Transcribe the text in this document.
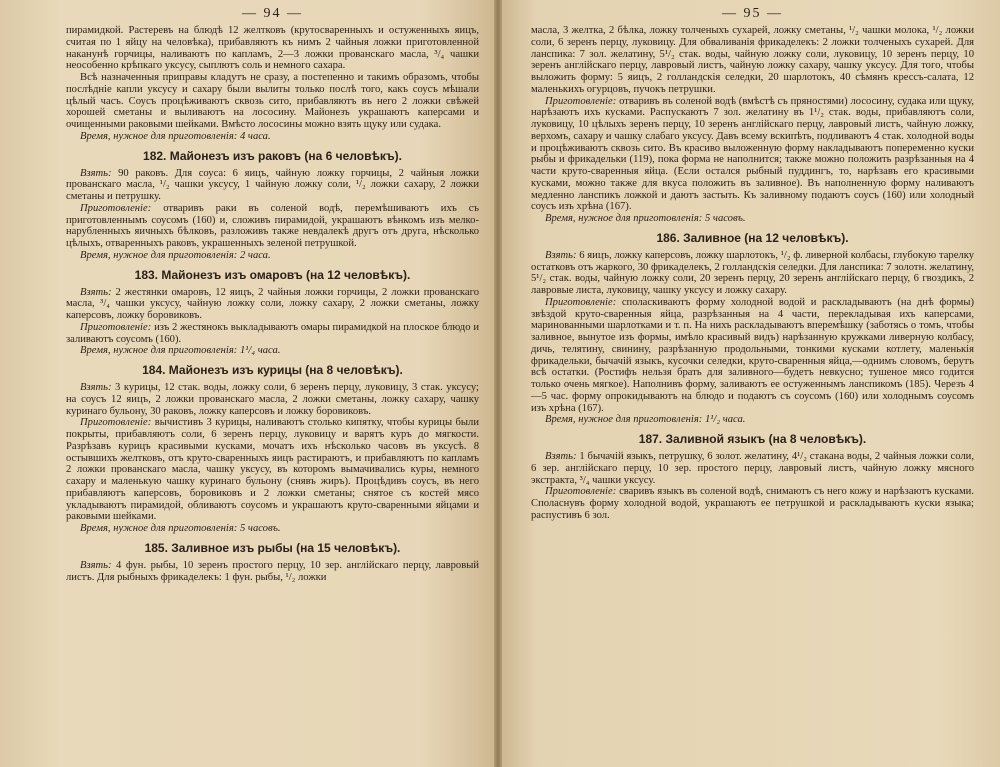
— 94 —

пирамидкой. Растеревъ на блюдѣ 12 желтковъ (крутосваренныхъ и остуженныхъ яицъ, считая по 1 яйцу на человѣка), прибавляютъ къ нимъ 2 чайныя ложки приготовленной наканунѣ горчицы, наливаютъ по капламъ, 2—3 ложки прованскаго масла, ³/₄ чашки неособенно крѣпкаго уксусу, сыплютъ соль и немного сахара.

Всѣ назначенныя приправы кладутъ не сразу, а постепенно и такимъ образомъ, чтобы послѣдніе капли уксусу и сахару были вылиты только послѣ того, какъ соусъ мѣшали цѣлый часъ. Соусъ процѣживаютъ сквозь сито, прибавляютъ въ него 2 ложки свѣжей хорошей сметаны и выливаютъ на лососину. Майонезъ украшаютъ каперсами и очищенными раковыми шейками. Вмѣсто лососины можно взять щуку или судака.

Время, нужное для приготовленія: 4 часа.

182. Майонезъ изъ раковъ (на 6 человѣкъ).

Взять: 90 раковъ. Для соуса: 6 яицъ, чайную ложку горчицы, 2 чайныя ложки прованскаго масла, ¹/₂ чашки уксусу, 1 чайную ложку соли, ¹/₂ ложки сахару, 2 ложки сметаны и петрушку.

Приготовленіе: отваривъ раки въ соленой водѣ, перемѣшиваютъ ихъ съ приготовленнымъ соусомъ (160) и, сложивъ пирамидой, украшаютъ вѣнкомъ изъ мелко-нарубленныхъ яичныхъ бѣлковъ, разложивъ также невдалекѣ другъ отъ друга, нѣсколько цѣлыхъ, отваренныхъ раковъ, украшенныхъ зеленой петрушкой.

Время, нужное для приготовленія: 2 часа.

183. Майонезъ изъ омаровъ (на 12 человѣкъ).

Взять: 2 жестянки омаровъ, 12 яицъ, 2 чайныя ложки горчицы, 2 ложки прованскаго масла, ³/₄ чашки уксусу, чайную ложку соли, ложку сахару, 2 ложки сметаны, ложку каперсовъ, ложку боровиковъ.

Приготовленіе: изъ 2 жестянокъ выкладываютъ омары пирамидкой на плоское блюдо и заливаютъ соусомъ (160).

Время, нужное для приготовленія: 1¹/₄ часа.

184. Майонезъ изъ курицы (на 8 человѣкъ).

Взять: 3 курицы, 12 стак. воды, ложку соли, 6 зеренъ перцу, луковицу, 3 стак. уксусу; на соусъ 12 яицъ, 2 ложки прованскаго масла, 2 ложки сметаны, ложку сахару, чашку куринаго бульону, 30 раковъ, ложку каперсовъ и ложку боровиковъ.

Приготовленіе: вычистивъ 3 курицы, наливаютъ столько кипятку, чтобы курицы были покрыты, прибавляютъ соли, 6 зеренъ перцу, луковицу и варятъ куръ до мягкости. Разрѣзавъ курицъ красивыми кусками, мочатъ ихъ нѣсколько часовъ въ уксусѣ. 8 остывшихъ желтковъ, отъ круто-сваренныхъ яицъ растираютъ, и прибавляютъ по капламъ 2 ложки прованскаго масла, чашку уксусу, въ которомъ вымачивались куры, немного сахару и маленькую чашку куринаго бульону (снявъ жиръ). Процѣдивъ соусъ, въ него прибавляютъ каперсовъ, боровиковъ и 2 ложки сметаны; снятое съ костей мясо укладываютъ пирамидой, обливаютъ соусомъ и украшаютъ круто-сваренными яйцами и раковыми шейками.

Время, нужное для приготовленія: 5 часовъ.

185. Заливное изъ рыбы (на 15 человѣкъ).

Взять: 4 фун. рыбы, 10 зеренъ простого перцу, 10 зер. англійскаго перцу, лавровый листъ. Для рыбныхъ фрикаделекъ: 1 фун. рыбы, ¹/₂ ложки

— 95 —

масла, 3 желтка, 2 бѣлка, ложку толченыхъ сухарей, ложку сметаны, ¹/₂ чашки молока, ¹/₂ ложки соли, 6 зеренъ перцу, луковицу. Для обваливанія фрикаделекъ: 2 ложки толченыхъ сухарей. Для ланспика: 7 зол. желатину, 5¹/₂ стак. воды, чайную ложку соли, луковицу, 10 зеренъ перцу, 10 зеренъ англійскаго перцу, лавровый листъ, чайную ложку сахару, чашку уксусу. Для того, чтобы выложить форму: 5 яицъ, 2 голландскія селедки, 20 шарлотокъ, 40 сѣмянъ крессъ-салата, 12 маленькихъ огурцовъ, пучокъ петрушки.

Приготовленіе: отваривъ въ соленой водѣ (вмѣстѣ съ пряностями) лососину, судака или щуку, нарѣзаютъ ихъ кусками. Распускаютъ 7 зол. желатину въ 1¹/₂ стак. воды, прибавляютъ соли, луковицу, 10 цѣлыхъ зеренъ перцу, 10 зеренъ англійскаго перцу, лавровый листъ, чайную ложку, верхомъ, сахару и чашку слабаго уксусу. Давъ всему вскипѣть, подливаютъ 4 стак. холодной воды и процѣживаютъ сквозь сито. Въ красиво выложенную форму накладываютъ попеременно куски рыбы и фрикадельки (119), пока форма не наполнится; также можно положить разрѣзанныя на 4 части круто-сваренныя яйца. (Если остался рыбный пуддингъ, то, нарѣзавъ его красивыми кусками, можно также для вкуса положить въ заливное). Въ наполненную форму наливаютъ медленно ланспикъ ложкой и даютъ застыть. Къ заливному подаютъ соусъ (160) или холодный соусъ изъ хрѣна (167).

Время, нужное для приготовленія: 5 часовъ.

186. Заливное (на 12 человѣкъ).

Взять: 6 яицъ, ложку каперсовъ, ложку шарлотокъ, ¹/₂ ф. ливерной колбасы, глубокую тарелку остатковъ отъ жаркого, 30 фрикаделекъ, 2 голландскія селедки. Для ланспика: 7 золотн. желатину, 5¹/₂ стак. воды, чайную ложку соли, 20 зеренъ перцу, 20 зеренъ англійскаго перцу, 6 гвоздикъ, 2 лавровые листа, луковицу, чашку уксусу и ложку сахару.

Приготовленіе: споласкиваютъ форму холодной водой и раскладываютъ (на днѣ формы) звѣздой круто-сваренныя яйца, разрѣзанныя на 4 части, перекладывая ихъ каперсами, маринованными шарлотками и т. п. На нихъ раскладываютъ вперемѣшку (заботясь о томъ, чтобы заливное, вынутое изъ формы, имѣло красивый видъ) нарѣзанную кружками ливерную колбасу, дичь, телятину, свинину, разрѣзанную продольными, тонкими кусками котлету, маленькія фрикадельки, бычачій языкъ, кусочки селедки, круто-сваренныя яйца,—однимъ словомъ, берутъ всѣ остатки. (Ростифъ нельзя брать для заливного—будетъ невкусно; тушеное мясо годится только очень мягкое). Наполнивъ форму, заливаютъ ее остуженнымъ ланспикомъ (185). Черезъ 4—5 час. форму опрокидываютъ на блюдо и подаютъ съ соусомъ (160) или холоднымъ соусомъ изъ хрѣна (167).

Время, нужное для приготовленія: 1¹/₂ часа.

187. Заливной языкъ (на 8 человѣкъ).

Взять: 1 бычачій языкъ, петрушку, 6 золот. желатину, 4¹/₂ стакана воды, 2 чайныя ложки соли, 6 зер. англійскаго перцу, 10 зер. простого перцу, лавровый листъ, чайную ложку мясного экстракта, ³/₄ чашки уксусу.

Приготовленіе: сваривъ языкъ въ соленой водѣ, снимаютъ съ него кожу и нарѣзаютъ кусками. Споласнувъ форму холодной водой, украшаютъ ее петрушкой и раскладываютъ куски языка; распустивъ 6 зол.
